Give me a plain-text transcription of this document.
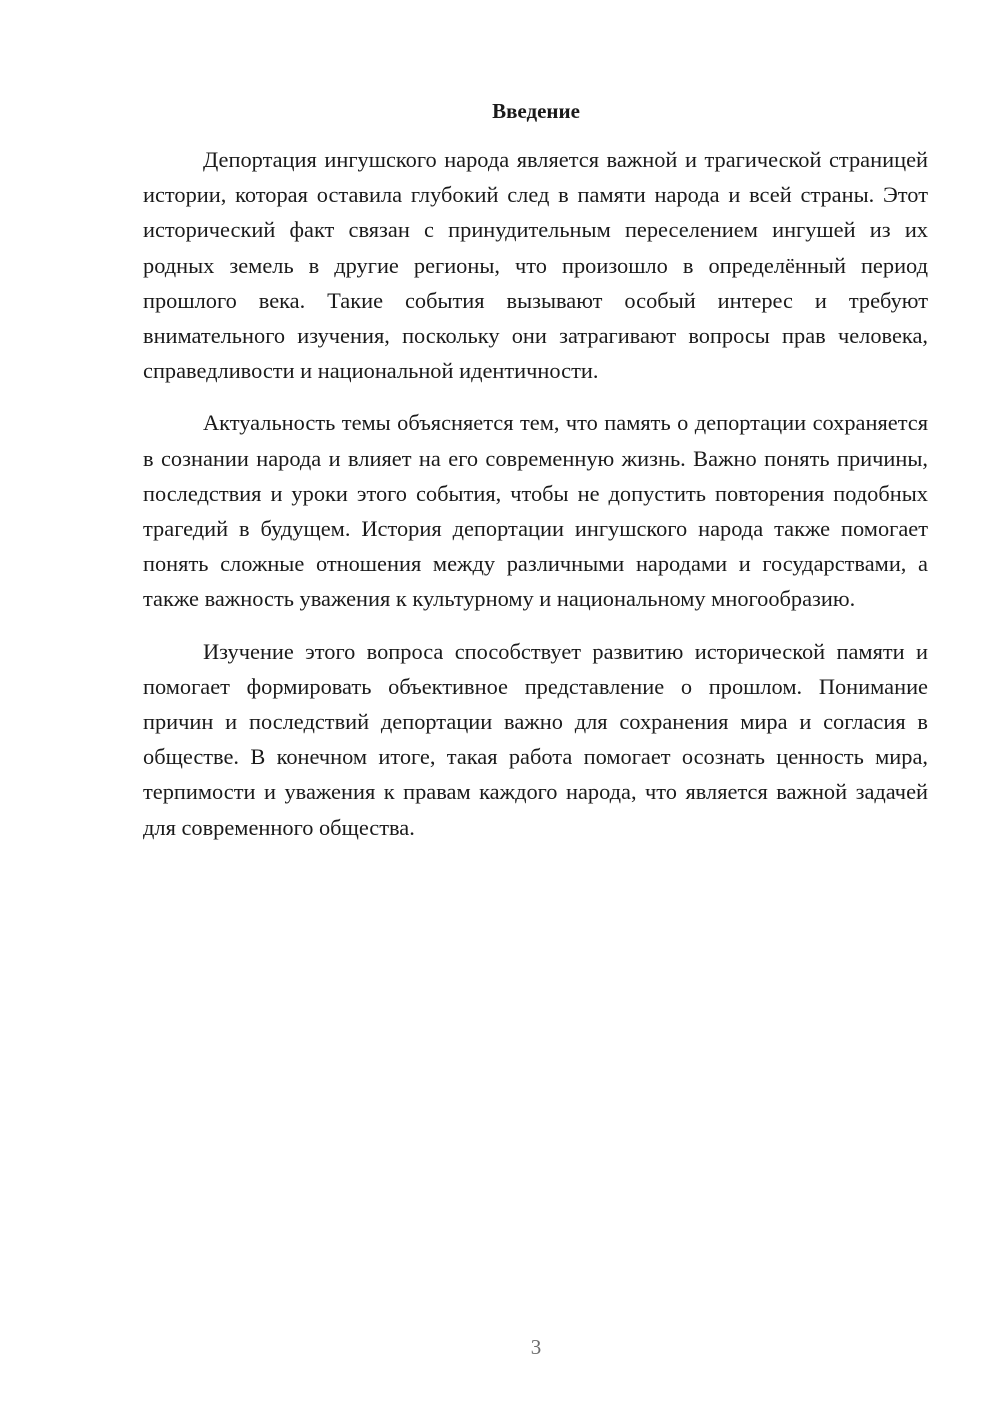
Введение

Депортация ингушского народа является важной и трагической страницей истории, которая оставила глубокий след в памяти народа и всей страны. Этот исторический факт связан с принудительным переселением ингушей из их родных земель в другие регионы, что произошло в определённый период прошлого века. Такие события вызывают особый интерес и требуют внимательного изучения, поскольку они затрагивают вопросы прав человека, справедливости и национальной идентичности.

Актуальность темы объясняется тем, что память о депортации сохраняется в сознании народа и влияет на его современную жизнь. Важно понять причины, последствия и уроки этого события, чтобы не допустить повторения подобных трагедий в будущем. История депортации ингушского народа также помогает понять сложные отношения между различными народами и государствами, а также важность уважения к культурному и национальному многообразию.

Изучение этого вопроса способствует развитию исторической памяти и помогает формировать объективное представление о прошлом. Понимание причин и последствий депортации важно для сохранения мира и согласия в обществе. В конечном итоге, такая работа помогает осознать ценность мира, терпимости и уважения к правам каждого народа, что является важной задачей для современного общества.

3
